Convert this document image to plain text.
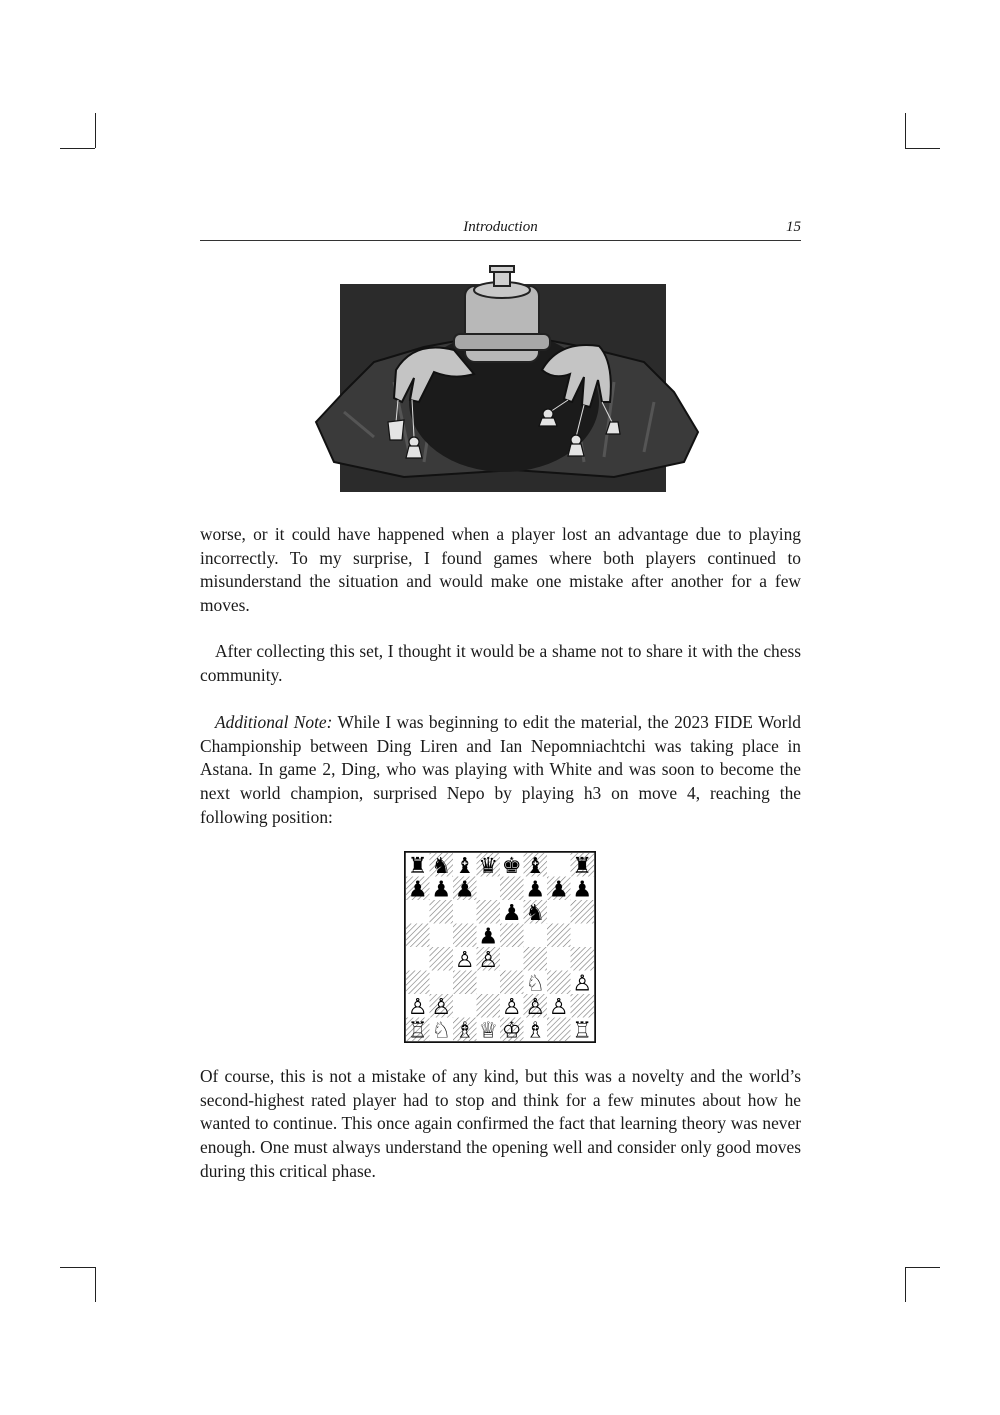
Introduction	15

worse, or it could have happened when a player lost an advantage due to playing incorrectly. To my surprise, I found games where both players continued to misunderstand the situation and would make one mistake after another for a few moves.

After collecting this set, I thought it would be a shame not to share it with the chess community.

Additional Note: While I was beginning to edit the material, the 2023 FIDE World Championship between Ding Liren and Ian Nepomniachtchi was taking place in Astana. In game 2, Ding, who was playing with White and was soon to become the next world champion, surprised Nepo by playing h3 on move 4, reaching the following position:

♜ ♞ ♝ ♛ ♚ ♝ ♜
♟ ♟ ♟ ♟ ♟ ♟
♟ ♞
♟
♙ ♙
♘ ♙
♙ ♙ ♙ ♙ ♙
♖ ♘ ♗ ♕ ♔ ♗ ♖

Of course, this is not a mistake of any kind, but this was a novelty and the world’s second-highest rated player had to stop and think for a few minutes about how he wanted to continue. This once again confirmed the fact that learning theory was never enough. One must always understand the opening well and consider only good moves during this critical phase.
